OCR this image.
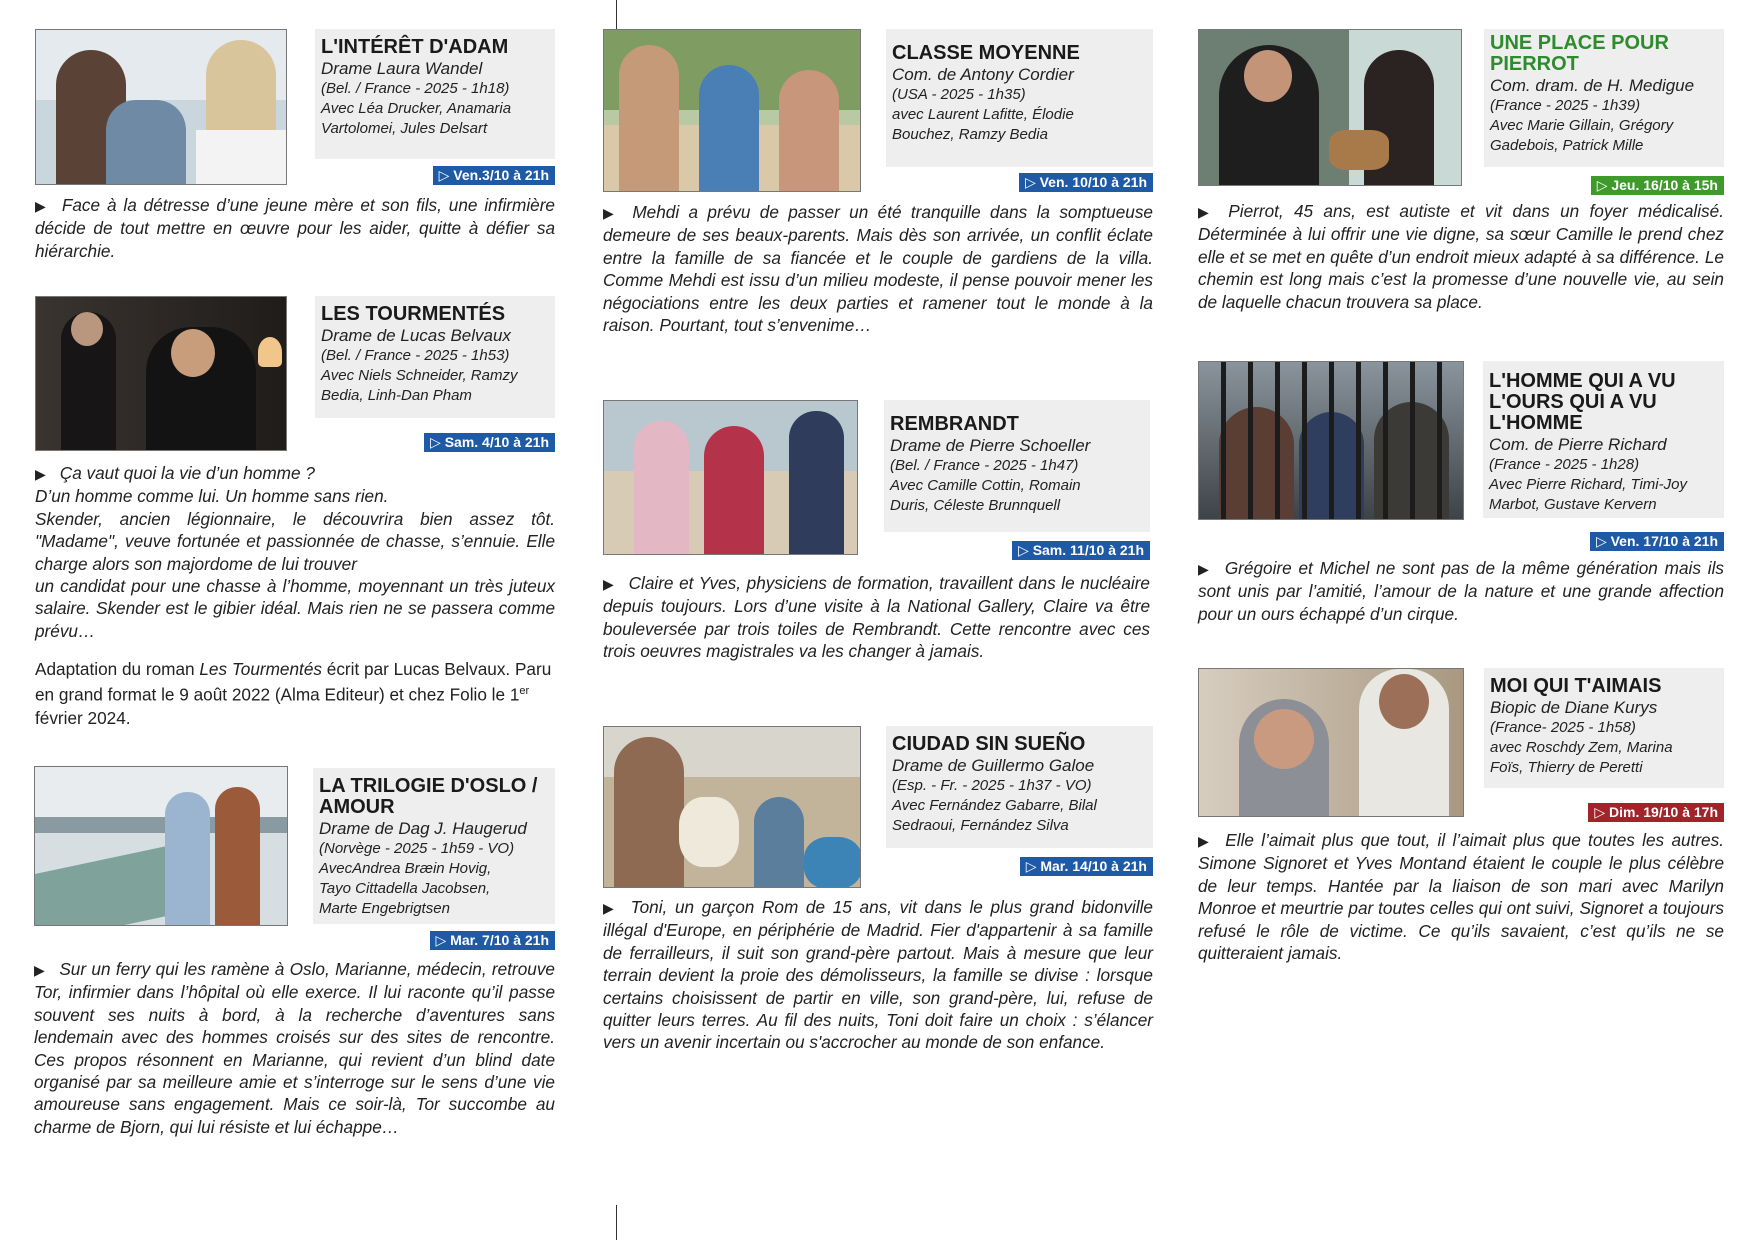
L'INTÉRÊT D'ADAM
Drame Laura Wandel
(Bel. / France - 2025 - 1h18)
Avec Léa Drucker, Anamaria
Vartolomei, Jules Delsart
▷ Ven.3/10 à 21h
▶ Face à la détresse d’une jeune mère et son fils, une infirmière décide de tout mettre en œuvre pour les aider, quitte à défier sa hiérarchie.
LES TOURMENTÉS
Drame de Lucas Belvaux
(Bel. / France - 2025 - 1h53)
Avec Niels Schneider, Ramzy
Bedia, Linh-Dan Pham
▷ Sam. 4/10 à 21h
▶ Ça vaut quoi la vie d’un homme ?
D’un homme comme lui. Un homme sans rien.
Skender, ancien légionnaire, le découvrira bien assez tôt. "Madame", veuve fortunée et passionnée de chasse, s’ennuie. Elle charge alors son majordome de lui trouver
un candidat pour une chasse à l’homme, moyennant un très juteux salaire. Skender est le gibier idéal. Mais rien ne se passera comme prévu…
Adaptation du roman Les Tourmentés écrit par Lucas Belvaux. Paru en grand format le 9 août 2022 (Alma Editeur) et chez Folio le 1er février 2024.
LA TRILOGIE D'OSLO /
AMOUR
Drame de Dag J. Haugerud
(Norvège - 2025 - 1h59 - VO)
AvecAndrea Bræin Hovig,
Tayo Cittadella Jacobsen,
Marte Engebrigtsen
▷ Mar. 7/10 à 21h
▶ Sur un ferry qui les ramène à Oslo, Marianne, médecin, retrouve Tor, infirmier dans l’hôpital où elle exerce. Il lui raconte qu’il passe souvent ses nuits à bord, à la recherche d’aventures sans lendemain avec des hommes croisés sur des sites de rencontre. Ces propos résonnent en Marianne, qui revient d’un blind date organisé par sa meilleure amie et s’interroge sur le sens d’une vie amoureuse sans engagement. Mais ce soir-là, Tor succombe au charme de Bjorn, qui lui résiste et lui échappe…
CLASSE MOYENNE
Com. de Antony Cordier
(USA - 2025 - 1h35)
avec Laurent Lafitte, Élodie
Bouchez, Ramzy Bedia
▷ Ven. 10/10 à 21h
▶ Mehdi a prévu de passer un été tranquille dans la somptueuse demeure de ses beaux-parents. Mais dès son arrivée, un conflit éclate entre la famille de sa fiancée et le couple de gardiens de la villa. Comme Mehdi est issu d’un milieu modeste, il pense pouvoir mener les négociations entre les deux parties et ramener tout le monde à la raison. Pourtant, tout s’envenime…
REMBRANDT
Drame de Pierre Schoeller
(Bel. / France - 2025 - 1h47)
Avec Camille Cottin, Romain
Duris, Céleste Brunnquell
▷ Sam. 11/10 à 21h
▶ Claire et Yves, physiciens de formation, travaillent dans le nucléaire depuis toujours. Lors d’une visite à la National Gallery, Claire va être bouleversée par trois toiles de Rembrandt. Cette rencontre avec ces trois oeuvres magistrales va les changer à jamais.
CIUDAD SIN SUEÑO
Drame de Guillermo Galoe
(Esp. - Fr. - 2025 - 1h37 - VO)
Avec Fernández Gabarre, Bilal
Sedraoui, Fernández Silva
▷ Mar. 14/10 à 21h
▶ Toni, un garçon Rom de 15 ans, vit dans le plus grand bidonville illégal d'Europe, en périphérie de Madrid. Fier d'appartenir à sa famille de ferrailleurs, il suit son grand-père partout. Mais à mesure que leur terrain devient la proie des démolisseurs, la famille se divise : lorsque certains choisissent de partir en ville, son grand-père, lui, refuse de quitter leurs terres. Au fil des nuits, Toni doit faire un choix : s’élancer vers un avenir incertain ou s'accrocher au monde de son enfance.
UNE PLACE POUR
PIERROT
Com. dram. de H. Medigue
(France - 2025 - 1h39)
Avec Marie Gillain, Grégory
Gadebois, Patrick Mille
▷ Jeu. 16/10 à 15h
▶ Pierrot, 45 ans, est autiste et vit dans un foyer médicalisé. Déterminée à lui offrir une vie digne, sa sœur Camille le prend chez elle et se met en quête d’un endroit mieux adapté à sa différence. Le chemin est long mais c’est la promesse d’une nouvelle vie, au sein de laquelle chacun trouvera sa place.
L'HOMME QUI A VU
L'OURS QUI A VU
L'HOMME
Com. de Pierre Richard
(France - 2025 - 1h28)
Avec Pierre Richard, Timi-Joy
Marbot, Gustave Kervern
▷ Ven. 17/10 à 21h
▶ Grégoire et Michel ne sont pas de la même génération mais ils sont unis par l’amitié, l’amour de la nature et une grande affection pour un ours échappé d’un cirque.
MOI QUI T'AIMAIS
Biopic de Diane Kurys
(France- 2025 - 1h58)
avec Roschdy Zem, Marina
Foïs, Thierry de Peretti
▷ Dim. 19/10 à 17h
▶ Elle l’aimait plus que tout, il l’aimait plus que toutes les autres. Simone Signoret et Yves Montand étaient le couple le plus célèbre de leur temps. Hantée par la liaison de son mari avec Marilyn Monroe et meurtrie par toutes celles qui ont suivi, Signoret a toujours refusé le rôle de victime. Ce qu’ils savaient, c’est qu’ils ne se quitteraient jamais.
